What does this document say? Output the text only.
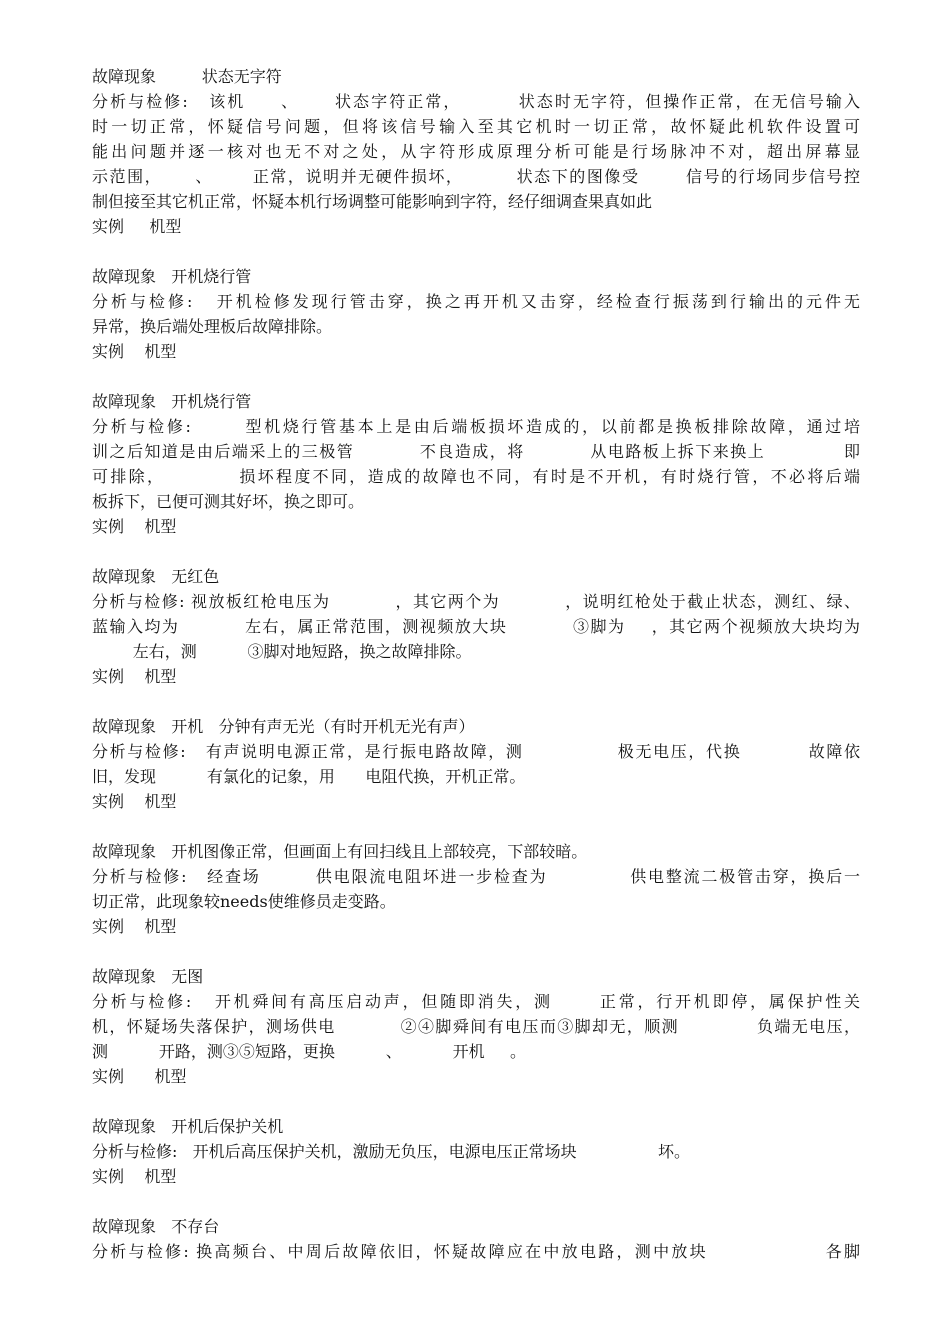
故障现象         状态无字符
分析与检修:   该机     、     状态字符正常，        状态时无字符，但操作正常，在无信号输入
时一切正常，怀疑信号问题，但将该信号输入至其它机时一切正常，故怀疑此机软件设置可
能出问题并逐一核对也无不对之处，从字符形成原理分析可能是行场脉冲不对，超出屏幕显
示范围，     、      正常，说明并无硬件损坏，        状态下的图像受       信号的行场同步信号控
制但接至其它机正常，怀疑本机行场调整可能影响到字符，经仔细调查果真如此
实例     机型
故障现象   开机烧行管
分析与检修:   开机检修发现行管击穿，换之再开机又击穿，经检查行振荡到行输出的元件无
异常，换后端处理板后故障排除。
实例    机型
故障现象   开机烧行管
分析与检修:       型机烧行管基本上是由后端板损坏造成的，以前都是换板排除故障，通过培
训之后知道是由后端采上的三极管          不良造成，将          从电路板上拆下来换上            即
可排除，          损坏程度不同，造成的故障也不同，有时是不开机，有时烧行管，不必将后端
板拆下，已便可测其好坏，换之即可。
实例    机型
故障现象   无红色
分析与检修: 视放板红枪电压为          ，其它两个为          ，说明红枪处于截止状态，测红、绿、
蓝输入均为          左右，属正常范围，测视频放大块          ③脚为    ，其它两个视频放大块均为
左右，测          ③脚对地短路，换之故障排除。
实例    机型
故障现象   开机   分钟有声无光（有时开机无光有声）
分析与检修:   有声说明电源正常，是行振电路故障，测              极无电压，代换          故障依
旧，发现          有氯化的记象，用      电阻代换，开机正常。
实例    机型
故障现象   开机图像正常，但画面上有回扫线且上部较亮，下部较暗。
分析与检修:   经查场        供电限流电阻坏进一步检查为            供电整流二极管击穿，换后一
切正常，此现象较needs使维修员走变路。
实例    机型
故障现象   无图
分析与检修:   开机舜间有高压启动声，但随即消失，测      正常，行开机即停，属保护性关
机，怀疑场失落保护，测场供电          ②④脚舜间有电压而③脚却无，顺测            负端无电压，
测          开路，测③⑤短路，更换          、          开机     。
实例      机型
故障现象   开机后保护关机
分析与检修:   开机后高压保护关机，激励无负压，电源电压正常场块                坏。
实例    机型
故障现象   不存台
分析与检修: 换高频台、中周后故障依旧，怀疑故障应在中放电路，测中放块                各脚
